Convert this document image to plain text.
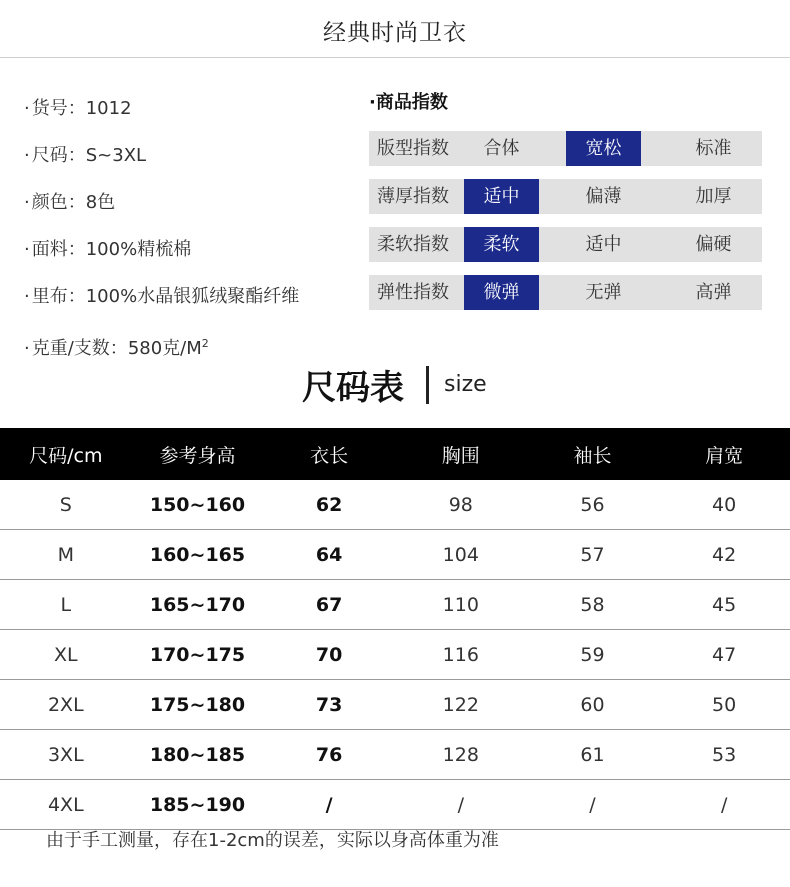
经典时尚卫衣
· 货号：1012
· 尺码：S~3XL
· 颜色：8色
· 面料：100%精梳棉
· 里布：100%水晶银狐绒聚酯纤维
· 克重/支数：580克$/M^2$
·商品指数
版型指数	合体	宽松	标准
薄厚指数	适中	偏薄	加厚
柔软指数	柔软	适中	偏硬
弹性指数	微弹	无弹	高弹
尺码表 size
尺码/cm	参考身高	衣长	胸围	袖长	肩宽
S	150~160	62	98	56	40
M	160~165	64	104	57	42
L	165~170	67	110	58	45
XL	170~175	70	116	59	47
2XL	175~180	73	122	60	50
3XL	180~185	76	128	61	53
4XL	185~190	/	/	/	/
由于手工测量，存在1-2cm的误差，实际以身高体重为准
